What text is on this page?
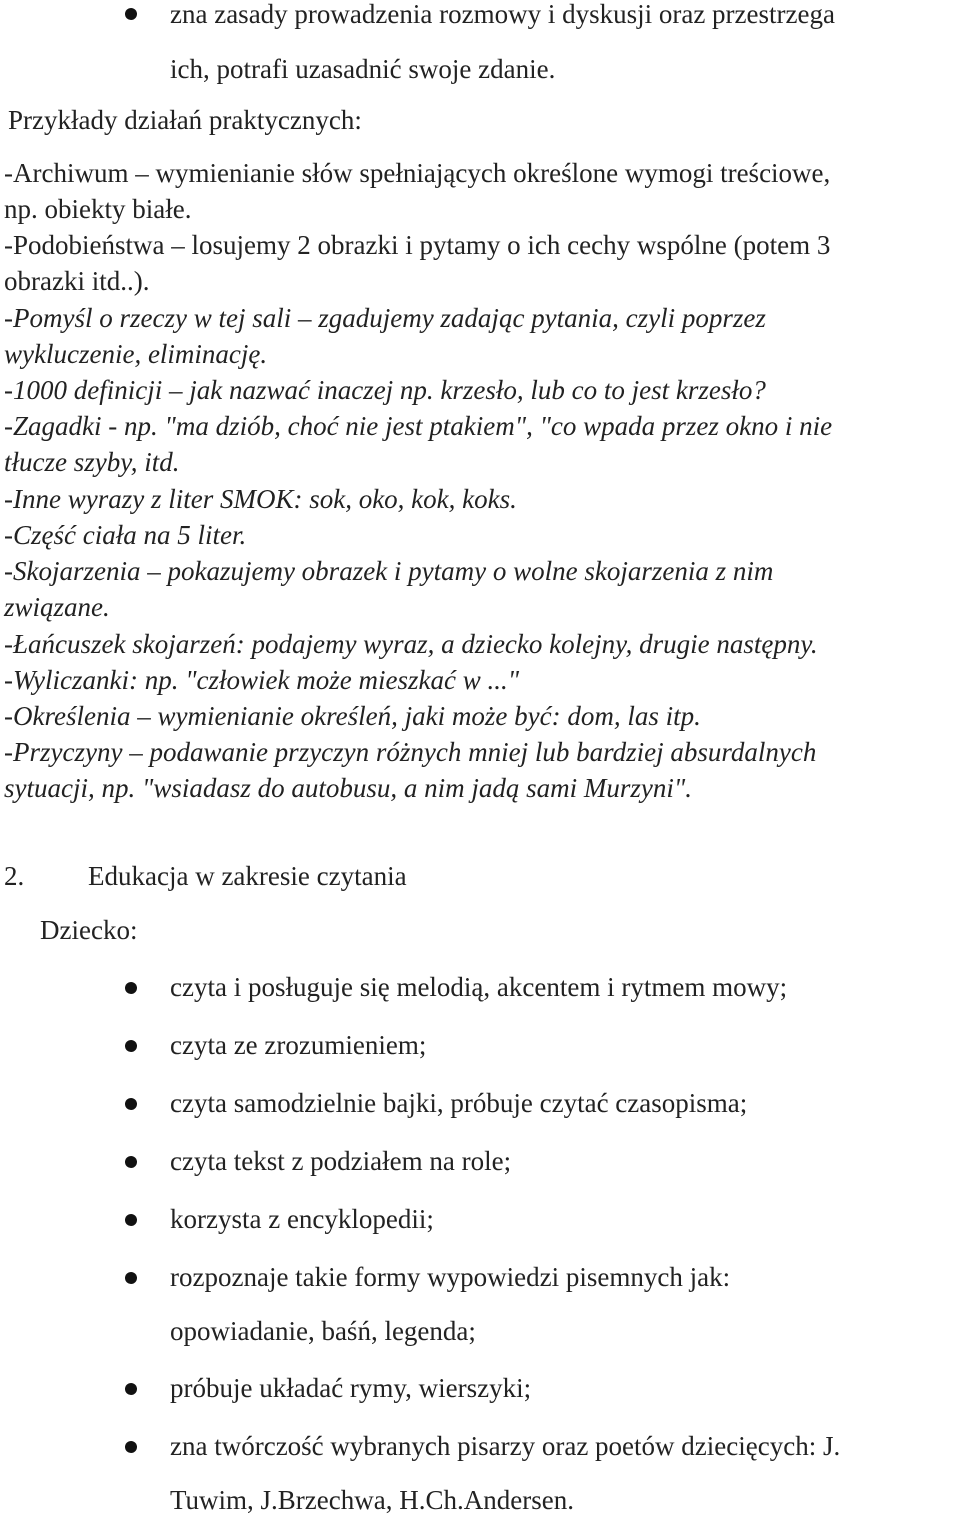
zna zasady prowadzenia rozmowy i dyskusji oraz przestrzega
ich, potrafi uzasadnić swoje zdanie.
Przykłady działań praktycznych:
-Archiwum – wymienianie słów spełniających określone wymogi treściowe,
np. obiekty białe.
-Podobieństwa – losujemy 2 obrazki i pytamy o ich cechy wspólne (potem 3
obrazki itd..).
-Pomyśl o rzeczy w tej sali – zgadujemy zadając pytania, czyli poprzez
wykluczenie, eliminację.
-1000 definicji – jak nazwać inaczej np. krzesło, lub co to jest krzesło?
-Zagadki - np. "ma dziób, choć nie jest ptakiem", "co wpada przez okno i nie
tłucze szyby, itd.
-Inne wyrazy z liter SMOK: sok, oko, kok, koks.
-Część ciała na 5 liter.
-Skojarzenia – pokazujemy obrazek i pytamy o wolne skojarzenia z nim
związane.
-Łańcuszek skojarzeń: podajemy wyraz, a dziecko kolejny, drugie następny.
-Wyliczanki: np. "człowiek może mieszkać w ..."
-Określenia – wymienianie określeń, jaki może być: dom, las itp.
-Przyczyny – podawanie przyczyn różnych mniej lub bardziej absurdalnych
sytuacji, np. "wsiadasz do autobusu, a nim jadą sami Murzyni".
2. Edukacja w zakresie czytania
Dziecko:
czyta i posługuje się melodią, akcentem i rytmem mowy;
czyta ze zrozumieniem;
czyta samodzielnie bajki, próbuje czytać czasopisma;
czyta tekst z podziałem na role;
korzysta z encyklopedii;
rozpoznaje takie formy wypowiedzi pisemnych jak:
opowiadanie, baśń, legenda;
próbuje układać rymy, wierszyki;
zna twórczość wybranych pisarzy oraz poetów dziecięcych: J.
Tuwim, J.Brzechwa, H.Ch.Andersen.
